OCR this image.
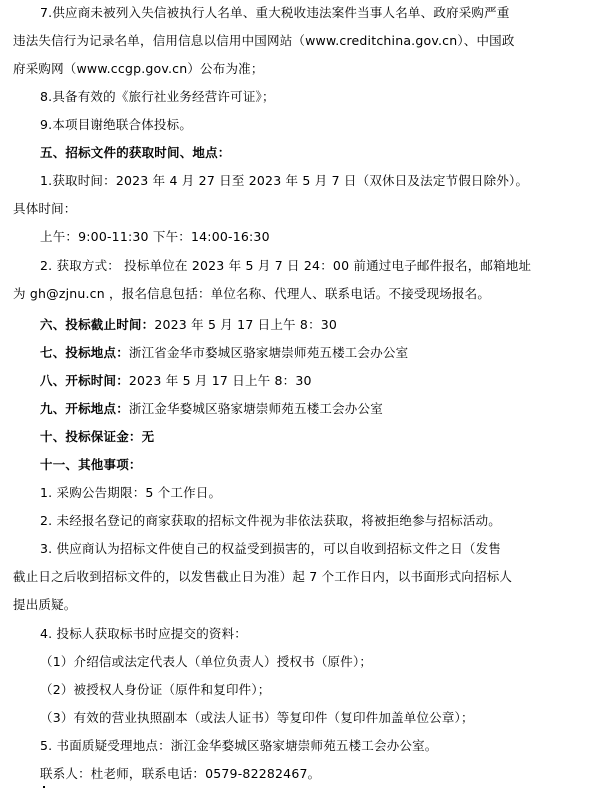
7.供应商未被列入失信被执行人名单、重大税收违法案件当事人名单、政府采购严重
违法失信行为记录名单，信用信息以信用中国网站（www.creditchina.gov.cn）、中国政
府采购网（www.ccgp.gov.cn）公布为准；
8.具备有效的《旅行社业务经营许可证》；
9.本项目谢绝联合体投标。
五、招标文件的获取时间、地点：
1.获取时间：2023 年 4 月 27 日至 2023 年 5 月 7 日（双休日及法定节假日除外）。
具体时间：
上午：9:00-11:30 下午：14:00-16:30
2. 获取方式： 投标单位在 2023 年 5 月 7 日 24：00 前通过电子邮件报名，邮箱地址
为 gh@zjnu.cn ，报名信息包括：单位名称、代理人、联系电话。不接受现场报名。
六、投标截止时间：2023 年 5 月 17 日上午 8：30
七、投标地点：浙江省金华市婺城区骆家塘崇师苑五楼工会办公室
八、开标时间：2023 年 5 月 17 日上午 8：30
九、开标地点：浙江金华婺城区骆家塘崇师苑五楼工会办公室
十、投标保证金：无
十一、其他事项：
1. 采购公告期限：5 个工作日。
2. 未经报名登记的商家获取的招标文件视为非依法获取，将被拒绝参与招标活动。
3. 供应商认为招标文件使自己的权益受到损害的，可以自收到招标文件之日（发售
截止日之后收到招标文件的，以发售截止日为准）起 7 个工作日内，以书面形式向招标人
提出质疑。
4. 投标人获取标书时应提交的资料：
（1）介绍信或法定代表人（单位负责人）授权书（原件）；
（2）被授权人身份证（原件和复印件）；
（3）有效的营业执照副本（或法人证书）等复印件（复印件加盖单位公章）；
5. 书面质疑受理地点：浙江金华婺城区骆家塘崇师苑五楼工会办公室。
联系人：杜老师，联系电话：0579-82282467。
